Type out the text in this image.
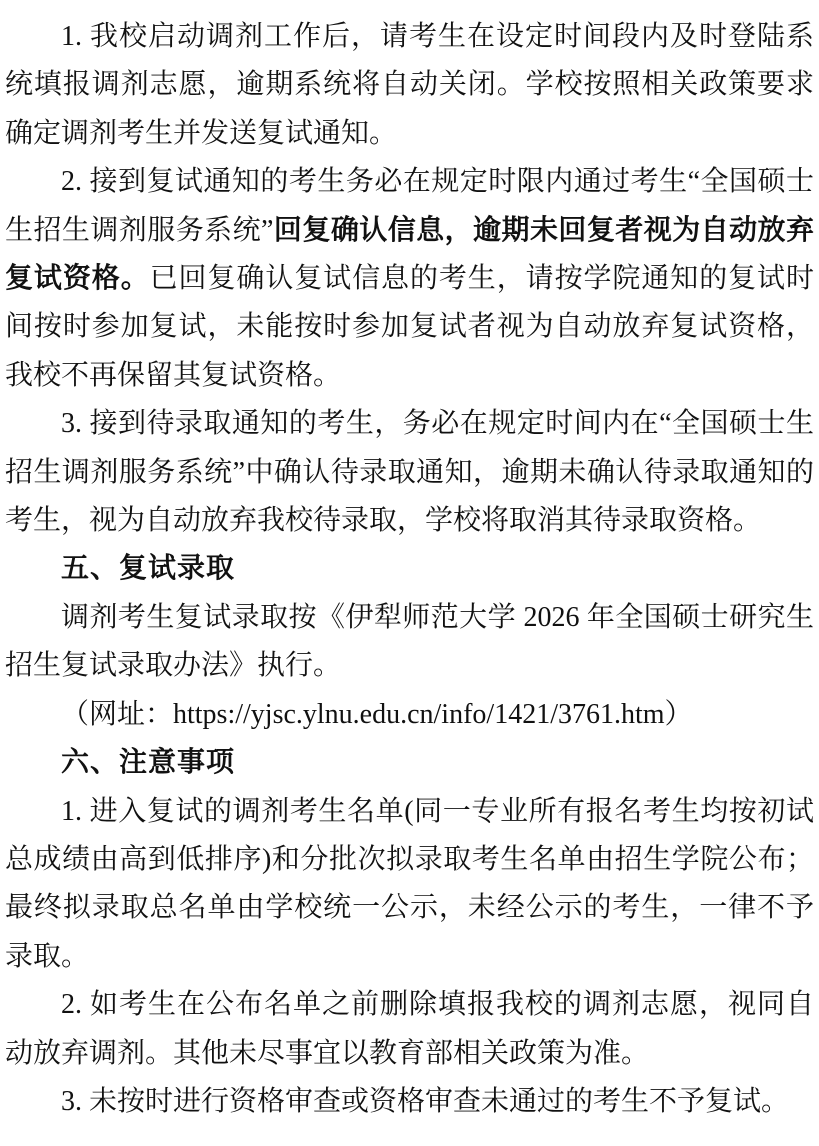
1. 我校启动调剂工作后，请考生在设定时间段内及时登陆系统填报调剂志愿，逾期系统将自动关闭。学校按照相关政策要求确定调剂考生并发送复试通知。

2. 接到复试通知的考生务必在规定时限内通过考生“全国硕士生招生调剂服务系统”回复确认信息，逾期未回复者视为自动放弃复试资格。已回复确认复试信息的考生，请按学院通知的复试时间按时参加复试，未能按时参加复试者视为自动放弃复试资格，我校不再保留其复试资格。

3. 接到待录取通知的考生，务必在规定时间内在“全国硕士生招生调剂服务系统”中确认待录取通知，逾期未确认待录取通知的考生，视为自动放弃我校待录取，学校将取消其待录取资格。

五、复试录取

调剂考生复试录取按《伊犁师范大学 2026 年全国硕士研究生招生复试录取办法》执行。

（网址：https://yjsc.ylnu.edu.cn/info/1421/3761.htm）

六、注意事项

1. 进入复试的调剂考生名单(同一专业所有报名考生均按初试总成绩由高到低排序)和分批次拟录取考生名单由招生学院公布；最终拟录取总名单由学校统一公示，未经公示的考生，一律不予录取。

2. 如考生在公布名单之前删除填报我校的调剂志愿，视同自动放弃调剂。其他未尽事宜以教育部相关政策为准。

3. 未按时进行资格审查或资格审查未通过的考生不予复试。
